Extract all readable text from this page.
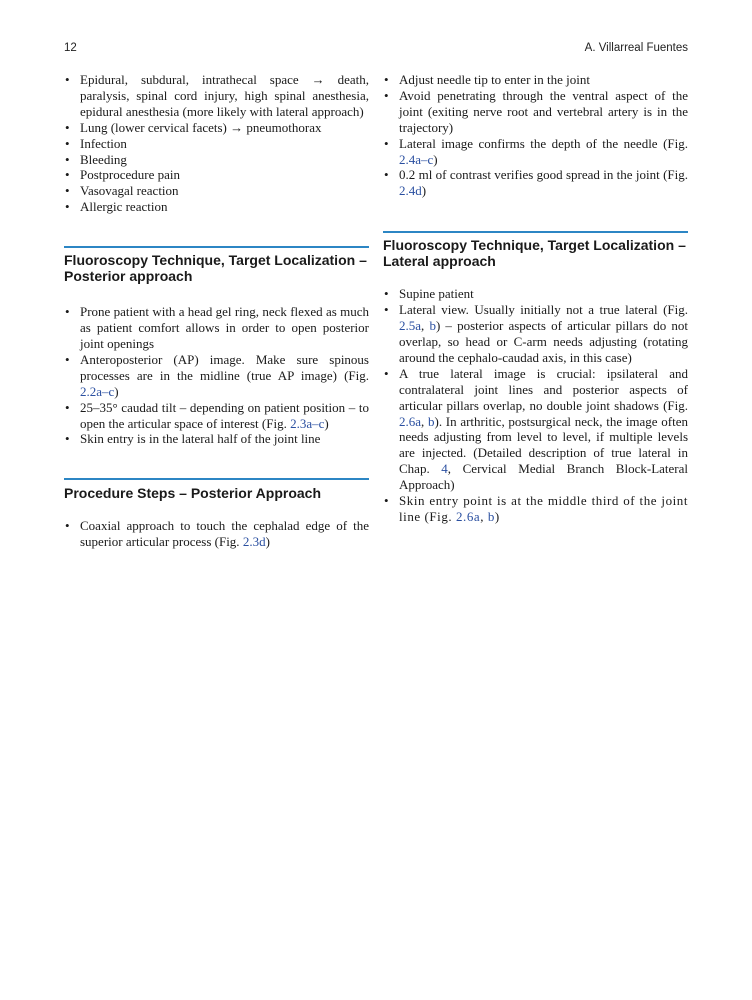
12	A. Villarreal Fuentes
• Epidural, subdural, intrathecal space → death, paralysis, spinal cord injury, high spinal anesthesia, epidural anesthesia (more likely with lateral approach)
• Lung (lower cervical facets) → pneumothorax
• Infection
• Bleeding
• Postprocedure pain
• Vasovagal reaction
• Allergic reaction
Fluoroscopy Technique, Target Localization – Posterior approach
• Prone patient with a head gel ring, neck flexed as much as patient comfort allows in order to open posterior joint openings
• Anteroposterior (AP) image. Make sure spinous processes are in the midline (true AP image) (Fig. 2.2a–c)
• 25–35° caudad tilt – depending on patient position – to open the articular space of interest (Fig. 2.3a–c)
• Skin entry is in the lateral half of the joint line
Procedure Steps – Posterior Approach
• Coaxial approach to touch the cephalad edge of the superior articular process (Fig. 2.3d)
• Adjust needle tip to enter in the joint
• Avoid penetrating through the ventral aspect of the joint (exiting nerve root and vertebral artery is in the trajectory)
• Lateral image confirms the depth of the needle (Fig. 2.4a–c)
• 0.2 ml of contrast verifies good spread in the joint (Fig. 2.4d)
Fluoroscopy Technique, Target Localization – Lateral approach
• Supine patient
• Lateral view. Usually initially not a true lateral (Fig. 2.5a, b) – posterior aspects of articular pillars do not overlap, so head or C-arm needs adjusting (rotating around the cephalo-caudad axis, in this case)
• A true lateral image is crucial: ipsilateral and contralateral joint lines and posterior aspects of articular pillars overlap, no double joint shadows (Fig. 2.6a, b). In arthritic, postsurgical neck, the image often needs adjusting from level to level, if multiple levels are injected. (Detailed description of true lateral in Chap. 4, Cervical Medial Branch Block-Lateral Approach)
• Skin entry point is at the middle third of the joint line (Fig. 2.6a, b)
